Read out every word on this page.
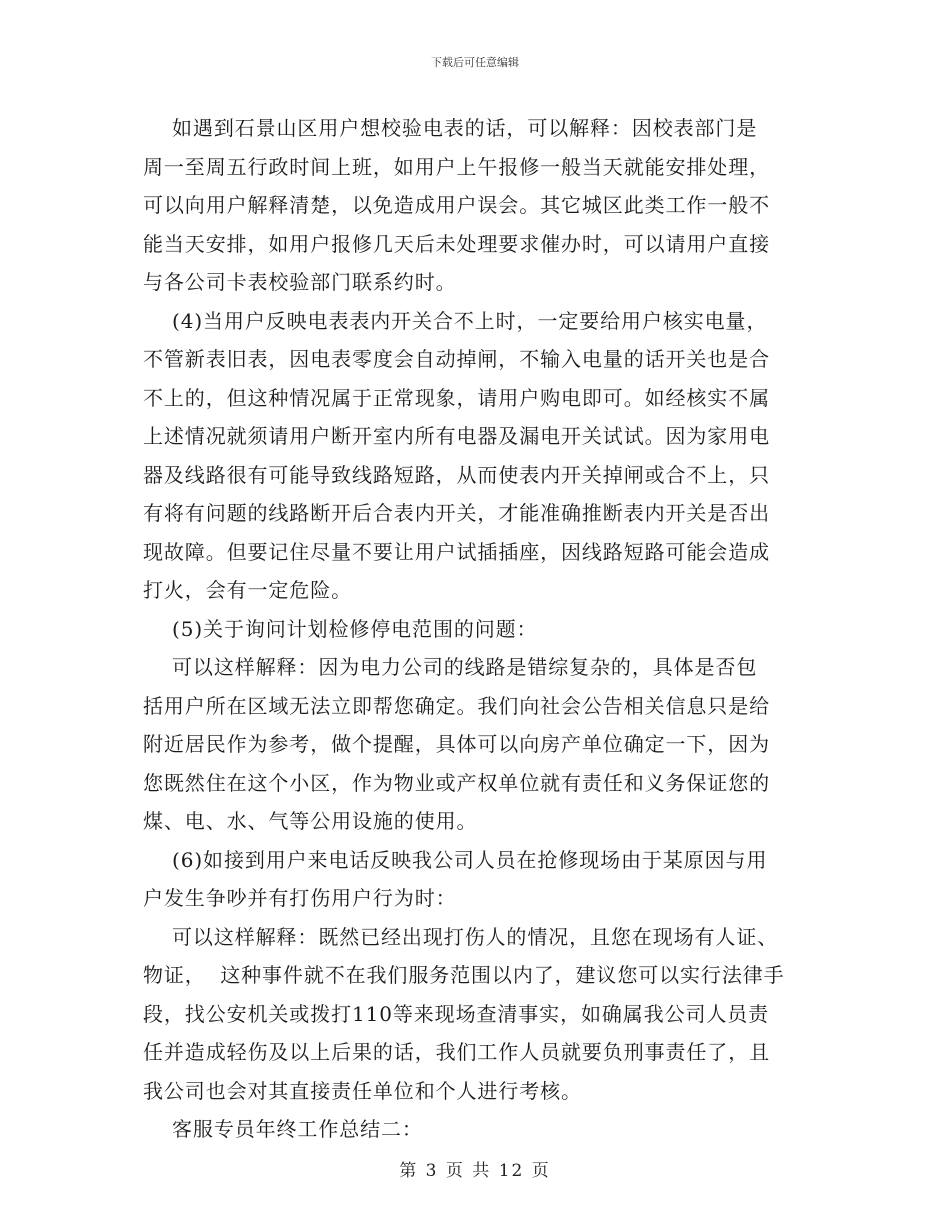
下载后可任意编辑
如遇到石景山区用户想校验电表的话，可以解释：因校表部门是
周一至周五行政时间上班，如用户上午报修一般当天就能安排处理，
可以向用户解释清楚，以免造成用户误会。其它城区此类工作一般不
能当天安排，如用户报修几天后未处理要求催办时，可以请用户直接
与各公司卡表校验部门联系约时。
(4)当用户反映电表表内开关合不上时，一定要给用户核实电量，
不管新表旧表，因电表零度会自动掉闸，不输入电量的话开关也是合
不上的，但这种情况属于正常现象，请用户购电即可。如经核实不属
上述情况就须请用户断开室内所有电器及漏电开关试试。因为家用电
器及线路很有可能导致线路短路，从而使表内开关掉闸或合不上，只
有将有问题的线路断开后合表内开关，才能准确推断表内开关是否出
现故障。但要记住尽量不要让用户试插插座，因线路短路可能会造成
打火，会有一定危险。
(5)关于询问计划检修停电范围的问题：
可以这样解释：因为电力公司的线路是错综复杂的，具体是否包
括用户所在区域无法立即帮您确定。我们向社会公告相关信息只是给
附近居民作为参考，做个提醒，具体可以向房产单位确定一下，因为
您既然住在这个小区，作为物业或产权单位就有责任和义务保证您的
煤、电、水、气等公用设施的使用。
(6)如接到用户来电话反映我公司人员在抢修现场由于某原因与用
户发生争吵并有打伤用户行为时：
可以这样解释：既然已经出现打伤人的情况，且您在现场有人证、
物证，  这种事件就不在我们服务范围以内了，建议您可以实行法律手
段，找公安机关或拨打110等来现场查清事实，如确属我公司人员责
任并造成轻伤及以上后果的话，我们工作人员就要负刑事责任了，且
我公司也会对其直接责任单位和个人进行考核。
客服专员年终工作总结二：
第 3 页 共 12 页
